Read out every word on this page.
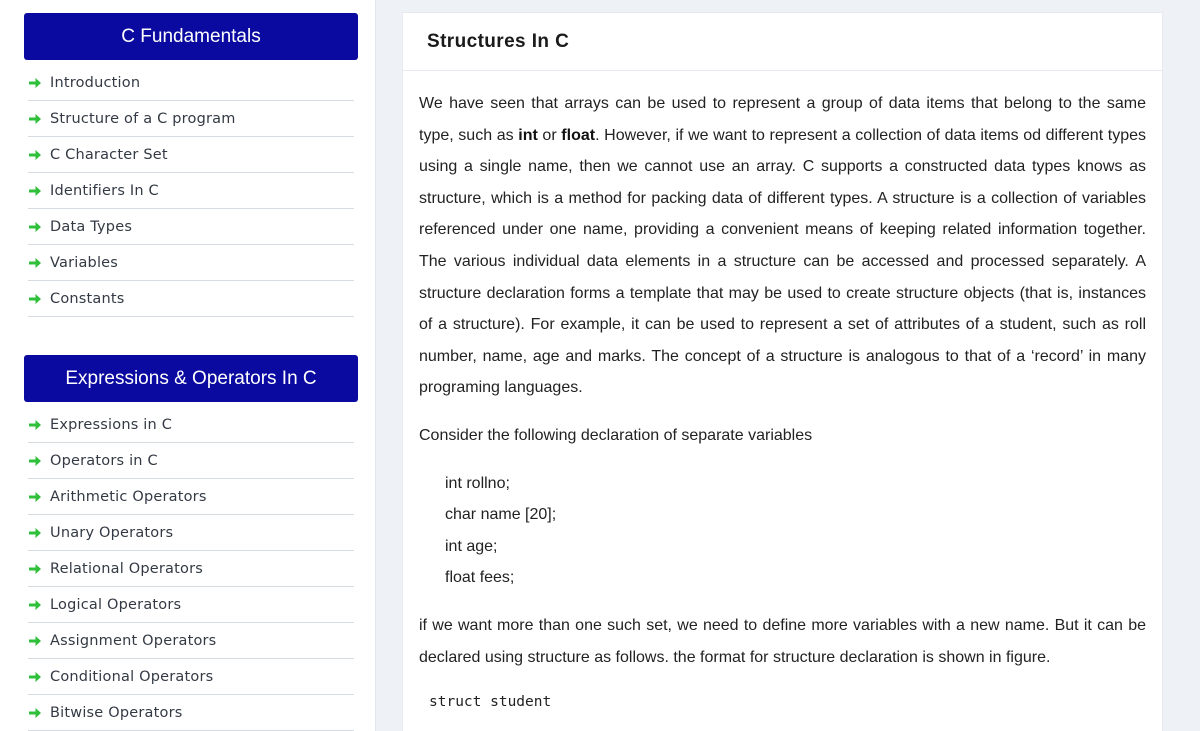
C Fundamentals
Introduction
Structure of a C program
C Character Set
Identifiers In C
Data Types
Variables
Constants
Expressions & Operators In C
Expressions in C
Operators in C
Arithmetic Operators
Unary Operators
Relational Operators
Logical Operators
Assignment Operators
Conditional Operators
Bitwise Operators
Structures In C

We have seen that arrays can be used to represent a group of data items that belong to the same type, such as int or float. However, if we want to represent a collection of data items od different types using a single name, then we cannot use an array. C supports a constructed data types knows as structure, which is a method for packing data of different types. A structure is a collection of variables referenced under one name, providing a convenient means of keeping related information together. The various individual data elements in a structure can be accessed and processed separately. A structure declaration forms a template that may be used to create structure objects (that is, instances of a structure). For example, it can be used to represent a set of attributes of a student, such as roll number, name, age and marks. The concept of a structure is analogous to that of a ‘record’ in many programing languages.

Consider the following declaration of separate variables

int rollno;
char name [20];
int age;
float fees;

if we want more than one such set, we need to define more variables with a new name. But it can be declared using structure as follows. the format for structure declaration is shown in figure.

struct student
